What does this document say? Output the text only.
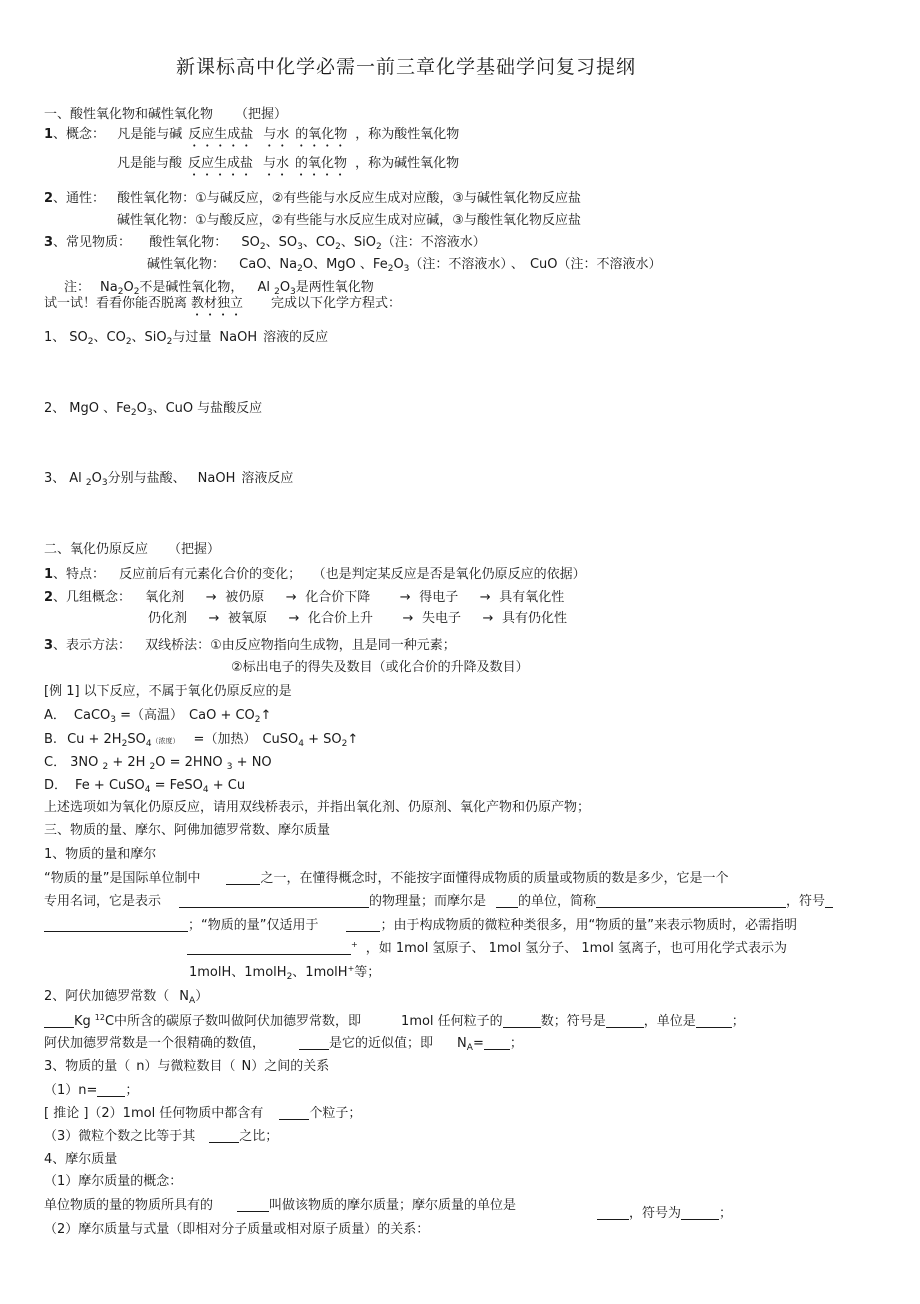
新课标高中化学必需一前三章化学基础学问复习提纲
一、酸性氧化物和碱性氧化物 （把握）
1、概念： 凡是能与碱 反应生成盐 与水 的氧化物 ，称为酸性氧化物
凡是能与酸 反应生成盐 与水 的氧化物 ，称为碱性氧化物
2、通性： 酸性氧化物：①与碱反应，②有些能与水反应生成对应酸，③与碱性氧化物反应盐
碱性氧化物：①与酸反应，②有些能与水反应生成对应碱，③与酸性氧化物反应盐
3、常见物质： 酸性氧化物： $SO_2$、$SO_3$、$CO_2$、SiO$_2$（注：不溶液水）
碱性氧化物： CaO、$Na_2O$、MgO 、$Fe_2O_3$（注：不溶液水） 、 CuO（注：不溶液水）
注： $Na_2O_2$不是碱性氧化物， Al $_2O_3$是两性氧化物
试一试！看看你能否脱离 教材独立 完成以下化学方程式：
1、 $SO_2$、$CO_2$、SiO$_2$与过量 NaOH 溶液的反应
2、 MgO 、$Fe_2O_3$、CuO 与盐酸反应
3、 Al $_2O_3$分别与盐酸、 NaOH 溶液反应
二、氧化仍原反应 （把握）
1、特点： 反应前后有元素化合价的变化； （也是判定某反应是否是氧化仍原反应的依据）
2、几组概念： 氧化剂 → 被仍原 → 化合价下降 → 得电子 → 具有氧化性
仍化剂 → 被氧原 → 化合价上升 → 失电子 → 具有仍化性
3、表示方法： 双线桥法：①由反应物指向生成物，且是同一种元素；
②标出电子的得失及数目（或化合价的升降及数目）
[例 1] 以下反应，不属于氧化仍原反应的是
A． CaCO$_3$ =（高温） CaO + $CO_2↑$
B. $Cu + 2H_2SO_4$（浓度） =（加热） CuSO$_4$ + $SO_2↑$
C． 3NO $_2$ + 2H $_2$O = 2HNO $_3$ + NO
D． Fe + CuSO$_4$ = FeSO$_4$ + Cu
上述选项如为氧化仍原反应，请用双线桥表示，并指出氧化剂、仍原剂、氧化产物和仍原产物；
三、物质的量、摩尔、阿佛加德罗常数、摩尔质量
1、物质的量和摩尔
“物质的量”是国际单位制中	之一，在懂得概念时，不能按字面懂得成物质的质量或物质的数是多少，它是一个
专用名词，它是表示	的物理量；而摩尔是 的单位，简称	，符号
；“物质的量”仅适用于	；由于构成物质的微粒种类很多，用“物质的量”来表示物质时，必需指明
+ ，如 1mol 氢原子、 1mol 氢分子、 1mol 氢离子，也可用化学式表示为
1molH、1molH$_2$、1molH+等；
2、阿伏加德罗常数（ $N_A$）
Kg $^{12}$C中所含的碳原子数叫做阿伏加德罗常数，即	1mol 任何粒子的	数；符号是	，单位是	；
阿伏加德罗常数是一个很精确的数值，	是它的近似值；即 $N_A=$ ；
3、物质的量（ n）与微粒数目（ N）之间的关系
（1）n= ；
[ 推论 ]（2）1mol 任何物质中都含有	个粒子；
（3）微粒个数之比等于其	之比；
4、摩尔质量
（1）摩尔质量的概念：
单位物质的量的物质所具有的	叫做该物质的摩尔质量；摩尔质量的单位是
，符号为	；
（2）摩尔质量与式量（即相对分子质量或相对原子质量）的关系：
